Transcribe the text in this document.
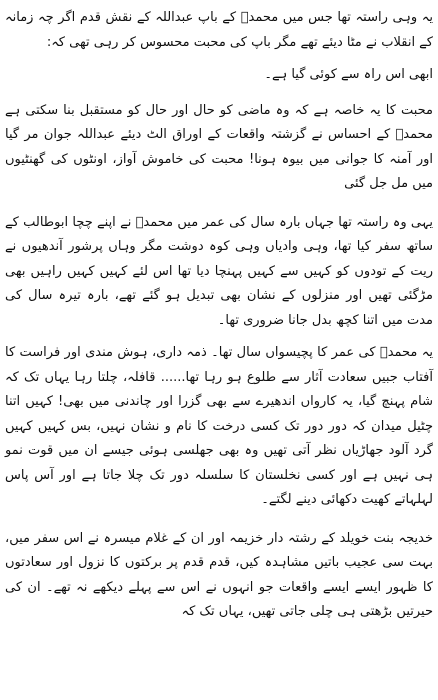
یہ وہی راستہ تھا جس میں محمدؐ کے باپ عبداللہ کے نقش قدم اگر چہ زمانہ کے انقلاب نے مٹا دیئے تھے مگر باپ کی محبت محسوس کر رہی تھی کہ:

ابھی اس راہ سے کوئی گیا ہے۔

محبت کا یہ خاصہ ہے کہ وہ ماضی کو حال اور حال کو مستقبل بنا سکتی ہے محمدؐ کے احساس نے گزشتہ واقعات کے اوراق الٹ دیئے عبداللہ جوان مر گیا اور آمنہ کا جوانی میں بیوہ ہونا! محبت کی خاموش آواز، اونٹوں کی گھنٹیوں میں مل جل گئی

یہی وہ راستہ تھا جہاں بارہ سال کی عمر میں محمدؐ نے اپنے چچا ابوطالب کے ساتھ سفر کیا تھا، وہی وادیاں وہی کوہ دوشت مگر وہاں پرشور آندھیوں نے ریت کے تودوں کو کہیں سے کہیں پہنچا دیا تھا اس لئے کہیں کہیں راہیں بھی مڑگئی تھیں اور منزلوں کے نشان بھی تبدیل ہو گئے تھے، بارہ تیرہ سال کی مدت میں اتنا کچھ بدل جانا ضروری تھا۔

یہ محمدؐ کی عمر کا پچیسواں سال تھا۔ ذمہ داری، ہوش مندی اور فراست کا آفتاب جبیں سعادت آثار سے طلوع ہو رہا تھا...... قافلہ، چلتا رہا یہاں تک کہ شام پہنچ گیا، یہ کارواں اندھیرے سے بھی گزرا اور چاندنی میں بھی! کہیں اتنا چٹیل میدان کہ دور دور تک کسی درخت کا نام و نشان نہیں، بس کہیں کہیں گرد آلود جھاڑیاں نظر آتی تھیں وہ بھی جھلسی ہوئی جیسے ان میں قوت نمو ہی نہیں ہے اور کسی نخلستان کا سلسلہ دور تک چلا جاتا ہے اور آس پاس لہلہاتے کھیت دکھائی دینے لگتے۔

خدیجہ بنت خویلد کے رشتہ دار خزیمہ اور ان کے غلام میسرہ نے اس سفر میں، بہت سی عجیب باتیں مشاہدہ کیں، قدم قدم پر برکتوں کا نزول اور سعادتوں کا ظہور ایسے ایسے واقعات جو انہوں نے اس سے پہلے دیکھے نہ تھے۔ ان کی حیرتیں بڑھتی ہی چلی جاتی تھیں، یہاں تک کہ
